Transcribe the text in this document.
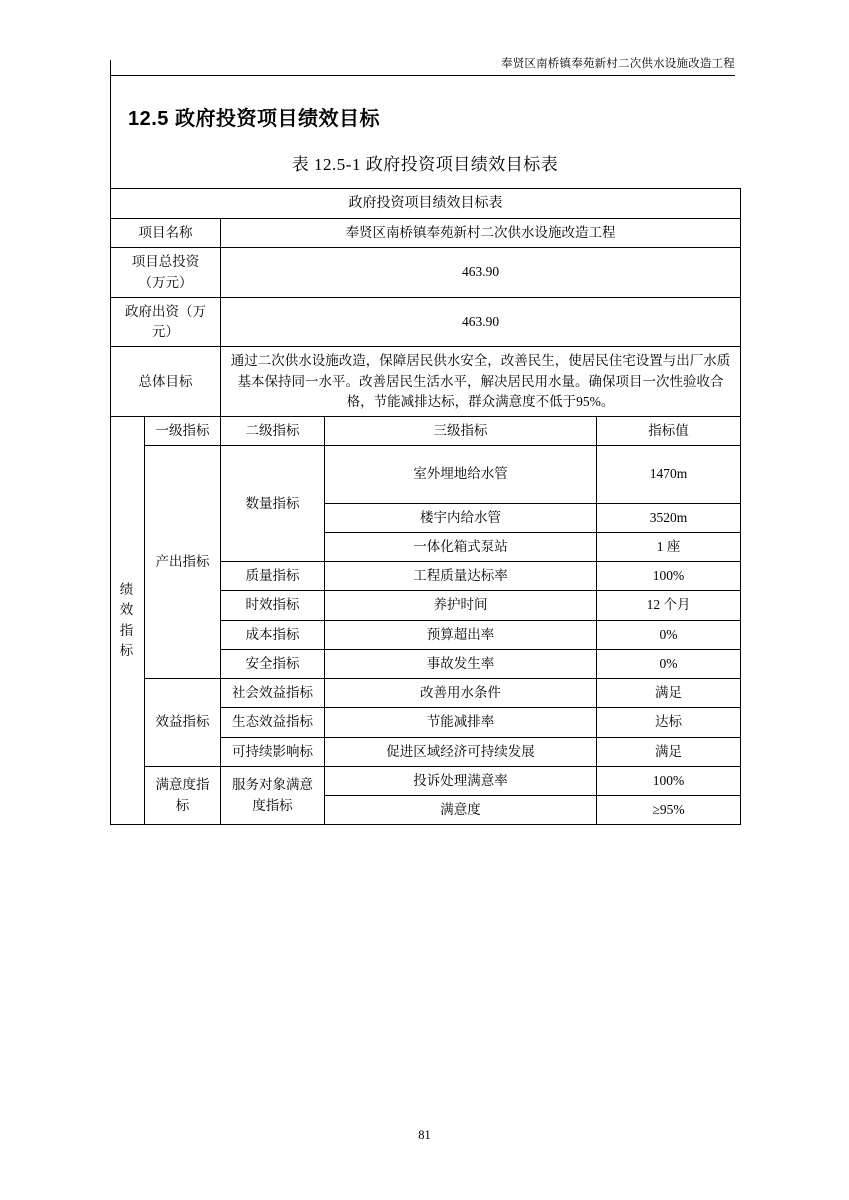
奉贤区南桥镇奉苑新村二次供水设施改造工程
12.5 政府投资项目绩效目标
表 12.5-1 政府投资项目绩效目标表
政府投资项目绩效目标表				
项目名称		奉贤区南桥镇奉苑新村二次供水设施改造工程		
项目总投资 （万元）		463.90		
政府出资（万元）		463.90		
总体目标		通过二次供水设施改造，保障居民供水安全，改善民生，使居民住宅设置与出厂水质基本保持同一水平。改善居民生活水平，解决居民用水量。确保项目一次性验收合格，节能减排达标，群众满意度不低于95%。		
绩 效 指 标	一级指标	二级指标	三级指标	指标值
	产出指标	数量指标	室外埋地给水管	1470m
			楼宇内给水管	3520m
			一体化箱式泵站	1 座
		质量指标	工程质量达标率	100%
		时效指标	养护时间	12 个月
		成本指标	预算超出率	0%
		安全指标	事故发生率	0%
	效益指标	社会效益指标	改善用水条件	满足
		生态效益指标	节能减排率	达标
		可持续影响标	促进区域经济可持续发展	满足
	满意度指标	服务对象满意度指标	投诉处理满意率	100%
			满意度	≥95%
81
